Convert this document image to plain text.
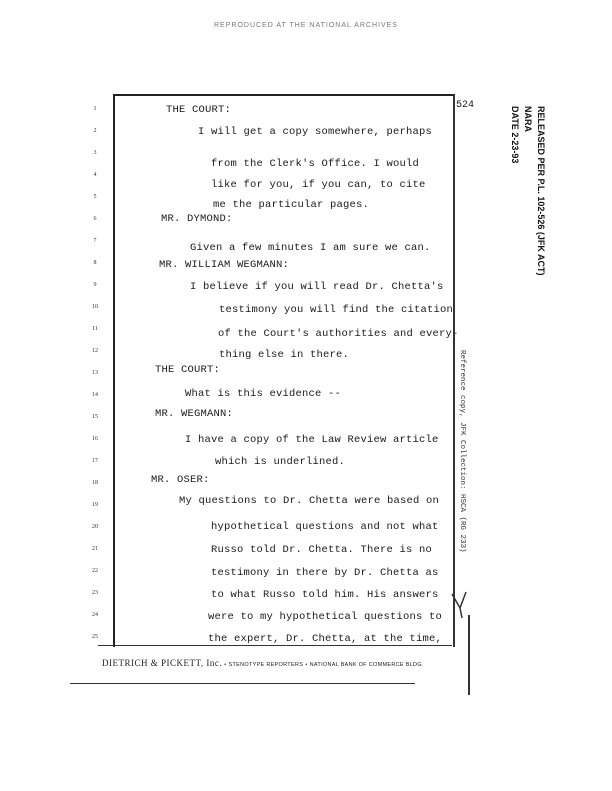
REPRODUCED AT THE NATIONAL ARCHIVES
524
1
2
3
4
5
6
7
8
9
10
11
12
13
14
15
16
17
18
19
20
21
22
23
24
25
THE COURT:
I will get a copy somewhere, perhaps
from the Clerk's Office. I would
like for you, if you can, to cite
me the particular pages.
MR. DYMOND:
Given a few minutes I am sure we can.
MR. WILLIAM WEGMANN:
I believe if you will read Dr. Chetta's
testimony you will find the citation
of the Court's authorities and every-
thing else in there.
THE COURT:
What is this evidence --
MR. WEGMANN:
I have a copy of the Law Review article
which is underlined.
MR. OSER:
My questions to Dr. Chetta were based on
hypothetical questions and not what
Russo told Dr. Chetta. There is no
testimony in there by Dr. Chetta as
to what Russo told him. His answers
were to my hypothetical questions to
the expert, Dr. Chetta, at the time,
DIETRICH & PICKETT, Inc. • STENOTYPE REPORTERS • NATIONAL BANK OF COMMERCE BLDG.
RELEASED PER P.L. 102-526 (JFK ACT)
NARA
DATE 2-23-93
Reference copy, JFK Collection: HSCA (RG 233)
